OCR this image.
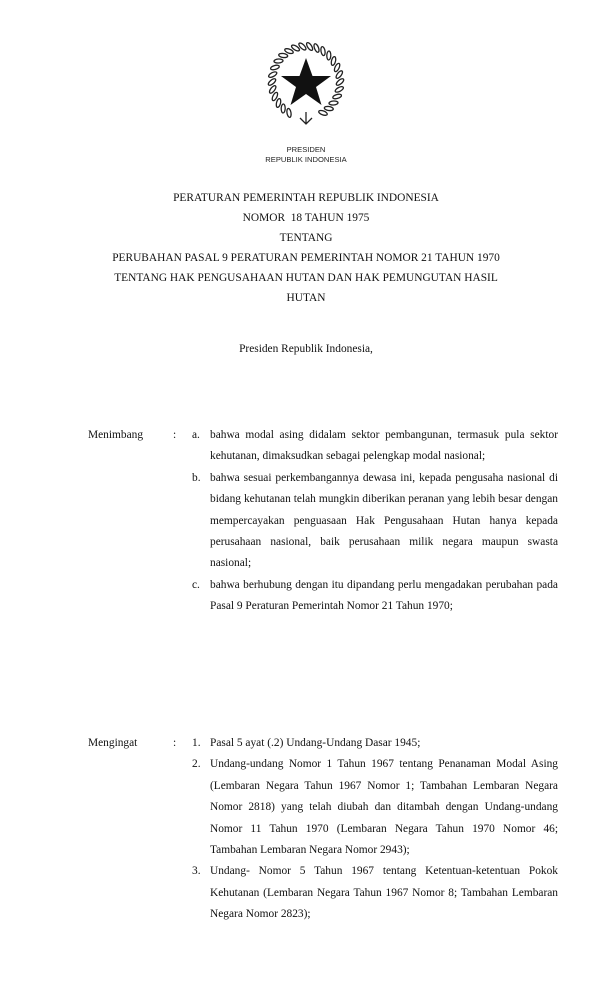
PRESIDEN
REPUBLIK INDONESIA
PERATURAN PEMERINTAH REPUBLIK INDONESIA
NOMOR  18 TAHUN 1975
TENTANG
PERUBAHAN PASAL 9 PERATURAN PEMERINTAH NOMOR 21 TAHUN 1970
TENTANG HAK PENGUSAHAAN HUTAN DAN HAK PEMUNGUTAN HASIL
HUTAN
Presiden Republik Indonesia,
Menimbang	: a. bahwa modal asing didalam sektor pembangunan, termasuk pula sektor kehutanan, dimaksudkan sebagai pelengkap modal nasional;
b. bahwa sesuai perkembangannya dewasa ini, kepada pengusaha nasional di bidang kehutanan telah mungkin diberikan peranan yang lebih besar dengan mempercayakan penguasaan Hak Pengusahaan Hutan hanya kepada perusahaan nasional, baik perusahaan milik negara maupun swasta nasional;
c. bahwa berhubung dengan itu dipandang perlu mengadakan perubahan pada  Pasal 9 Peraturan Pemerintah Nomor 21 Tahun 1970;
Mengingat	: 1. Pasal 5 ayat (.2) Undang-Undang Dasar 1945;
2. Undang-undang Nomor 1 Tahun 1967 tentang Penanaman Modal Asing (Lembaran Negara Tahun 1967 Nomor 1; Tambahan Lembaran Negara Nomor 2818) yang telah diubah dan ditambah dengan Undang-undang Nomor 11 Tahun 1970 (Lembaran Negara Tahun 1970 Nomor 46; Tambahan Lembaran Negara Nomor 2943);
3. Undang- Nomor 5 Tahun 1967 tentang Ketentuan-ketentuan Pokok Kehutanan (Lembaran Negara Tahun 1967 Nomor 8; Tambahan Lembaran Negara Nomor 2823);
